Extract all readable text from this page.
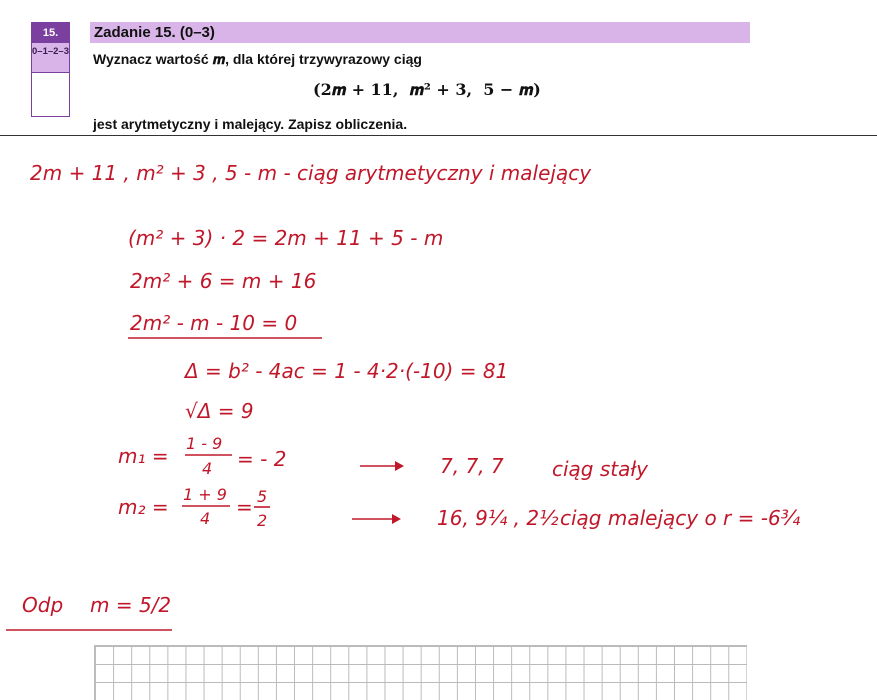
15.
0–1–2–3
Zadanie 15. (0–3)
Wyznacz wartość 𝒎, dla której trzywyrazowy ciąg
(2𝒎 + 𝟏𝟏,  𝒎² + 𝟑,  𝟓 − 𝒎)
jest arytmetyczny i malejący. Zapisz obliczenia.
2m + 11 , m² + 3 , 5 - m - ciąg arytmetyczny i malejący
(m² + 3) · 2 = 2m + 11 + 5 - m
2m² + 6 = m + 16
2m² - m - 10 = 0
Δ = b² - 4ac = 1 - 4·2·(-10) = 81
√Δ = 9
m₁ =
1 - 9
4 = - 2	7, 7, 7 ciąg stały
m₂ =
1 + 9
4 = 5
2	16, 9¼ , 2½ ciąg malejący o r = -6¾
Odp m = 5/2
